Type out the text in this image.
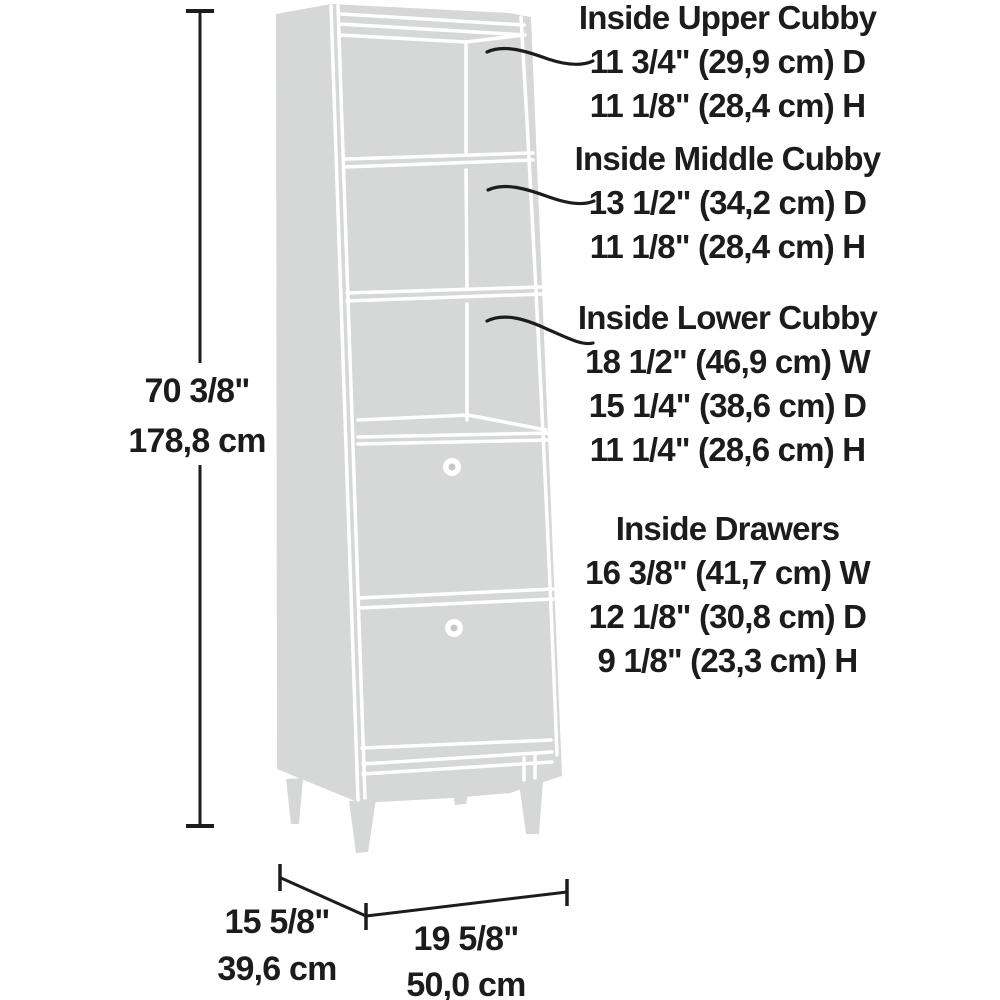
70 3/8"
178,8 cm
15 5/8"
39,6 cm
19 5/8"
50,0 cm
Inside Upper Cubby
11 3/4" (29,9 cm) D
11 1/8" (28,4 cm) H
Inside Middle Cubby
13 1/2" (34,2 cm) D
11 1/8" (28,4 cm) H
Inside Lower Cubby
18 1/2" (46,9 cm) W
15 1/4" (38,6 cm) D
11 1/4" (28,6 cm) H
Inside Drawers
16 3/8" (41,7 cm) W
12 1/8" (30,8 cm) D
9 1/8" (23,3 cm) H
